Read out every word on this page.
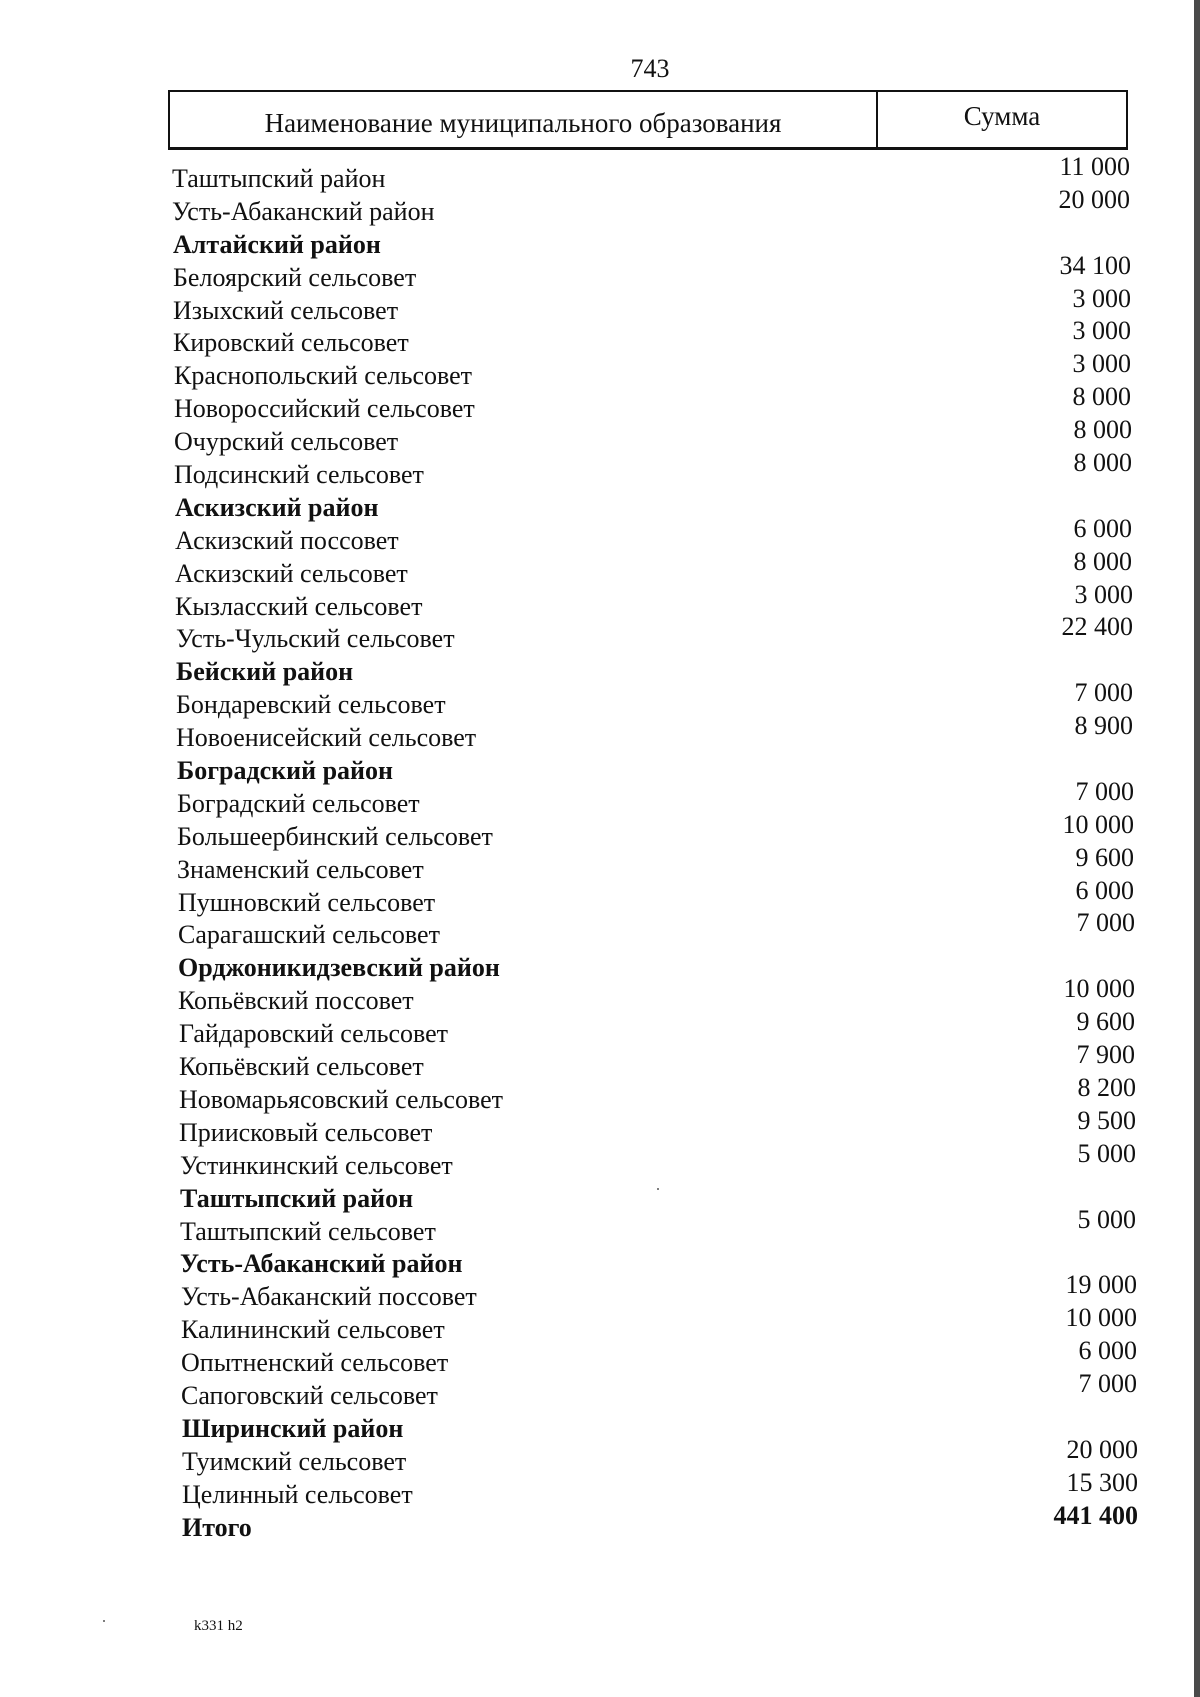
743
Наименование муниципального образования	Сумма
Таштыпский район	11 000
Усть-Абаканский район	20 000
Алтайский район
Белоярский сельсовет	34 100
Изыхский сельсовет	3 000
Кировский сельсовет	3 000
Краснопольский сельсовет	3 000
Новороссийский сельсовет	8 000
Очурский сельсовет	8 000
Подсинский сельсовет	8 000
Аскизский район
Аскизский поссовет	6 000
Аскизский сельсовет	8 000
Кызласский сельсовет	3 000
Усть-Чульский сельсовет	22 400
Бейский район
Бондаревский сельсовет	7 000
Новоенисейский сельсовет	8 900
Боградский район
Боградский сельсовет	7 000
Большеербинский сельсовет	10 000
Знаменский сельсовет	9 600
Пушновский сельсовет	6 000
Сарагашский сельсовет	7 000
Орджоникидзевский район
Копьёвский поссовет	10 000
Гайдаровский сельсовет	9 600
Копьёвский сельсовет	7 900
Новомарьясовский сельсовет	8 200
Приисковый сельсовет	9 500
Устинкинский сельсовет	5 000
Таштыпский район
Таштыпский сельсовет	5 000
Усть-Абаканский район
Усть-Абаканский поссовет	19 000
Калининский сельсовет	10 000
Опытненский сельсовет	6 000
Сапоговский сельсовет	7 000
Ширинский район
Туимский сельсовет	20 000
Целинный сельсовет	15 300
Итого	441 400
k331 h2
